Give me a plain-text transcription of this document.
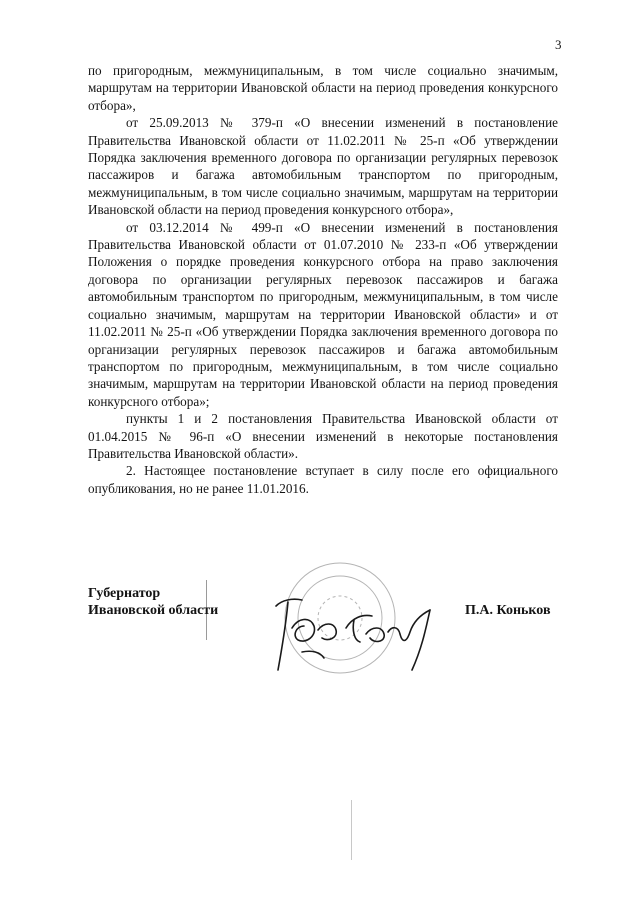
3

по пригородным, межмуниципальным, в том числе социально значимым, маршрутам на территории Ивановской области на период проведения конкурсного отбора»,

от 25.09.2013 № 379-п «О внесении изменений в постановление Правительства Ивановской области от 11.02.2011 № 25-п «Об утверждении Порядка заключения временного договора по организации регулярных перевозок пассажиров и багажа автомобильным транспортом по пригородным, межмуниципальным, в том числе социально значимым, маршрутам на территории Ивановской области на период проведения конкурсного отбора»,

от 03.12.2014 № 499-п «О внесении изменений в постановления Правительства Ивановской области от 01.07.2010 № 233-п «Об утверждении Положения о порядке проведения конкурсного отбора на право заключения договора по организации регулярных перевозок пассажиров и багажа автомобильным транспортом по пригородным, межмуниципальным, в том числе социально значимым, маршрутам на территории Ивановской области» и от 11.02.2011 № 25-п «Об утверждении Порядка заключения временного договора по организации регулярных перевозок пассажиров и багажа автомобильным транспортом по пригородным, межмуниципальным, в том числе социально значимым, маршрутам на территории Ивановской области на период проведения конкурсного отбора»;

пункты 1 и 2 постановления Правительства Ивановской области от 01.04.2015 № 96-п «О внесении изменений в некоторые постановления Правительства Ивановской области».

2. Настоящее постановление вступает в силу после его официального опубликования, но не ранее 11.01.2016.

Губернатор
Ивановской области	П.А. Коньков
